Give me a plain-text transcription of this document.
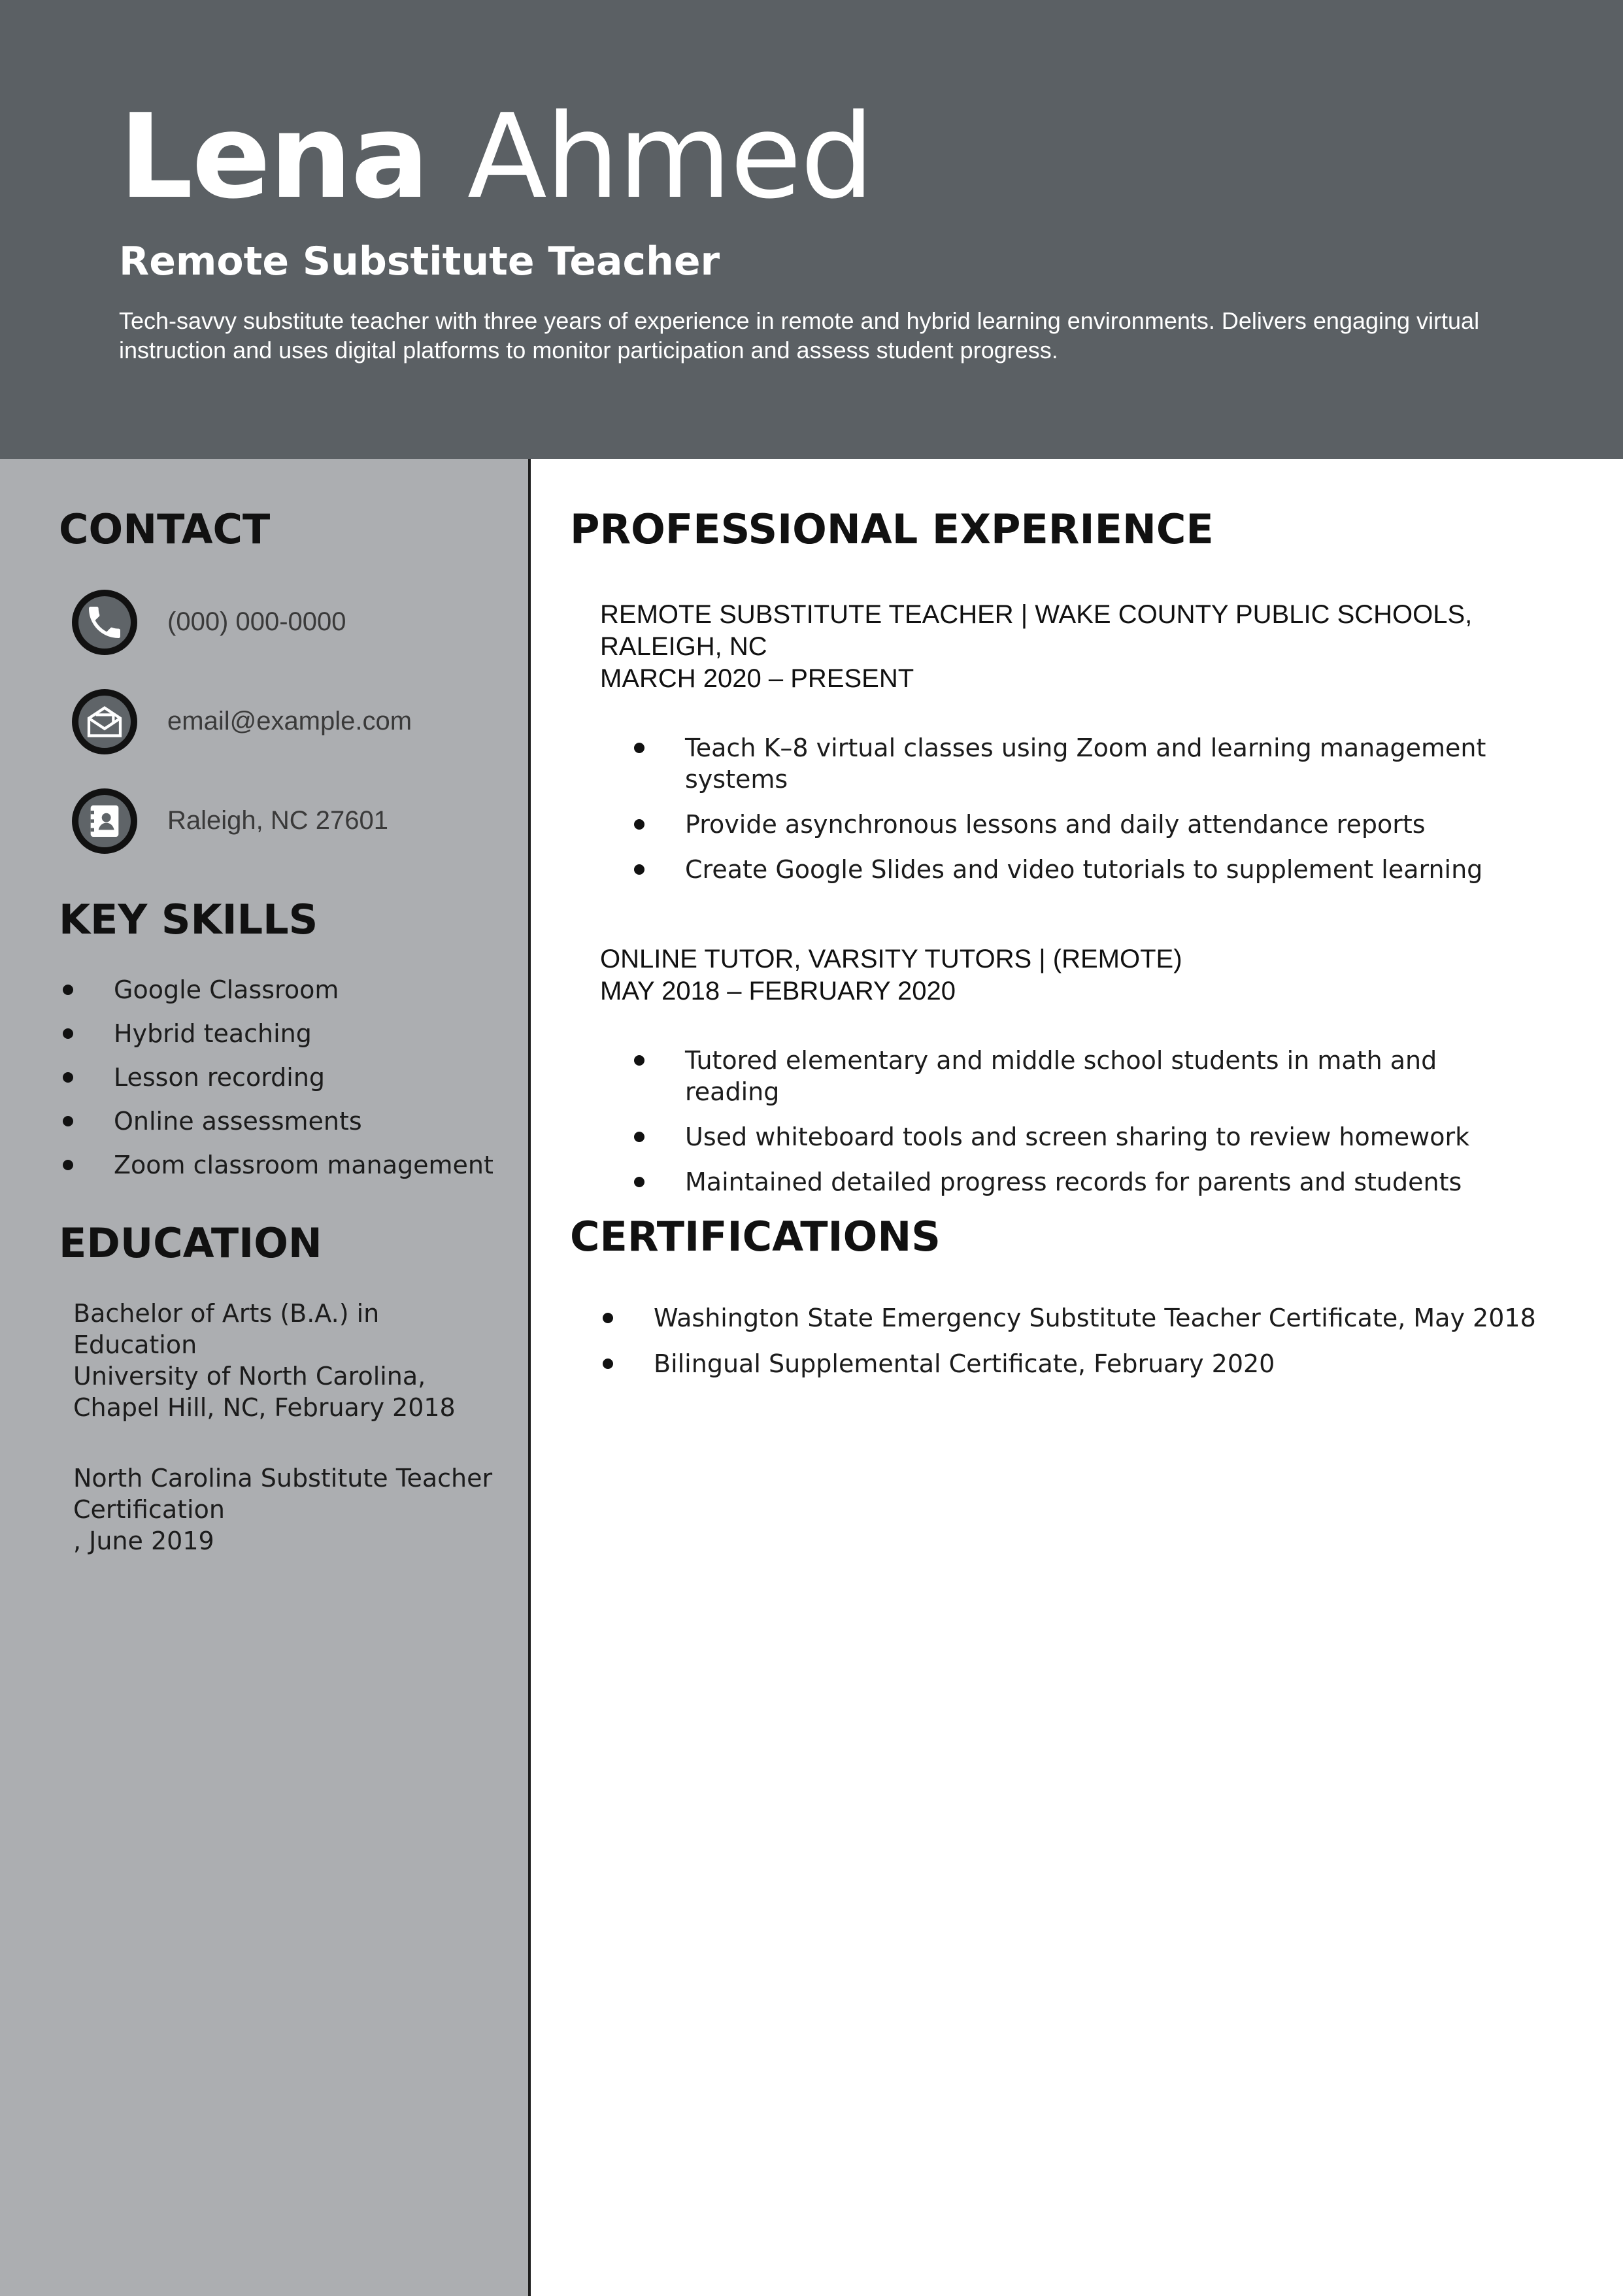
Lena Ahmed
Remote Substitute Teacher

Tech-savvy substitute teacher with three years of experience in remote and hybrid learning environments. Delivers engaging virtual instruction and uses digital platforms to monitor participation and assess student progress.

CONTACT

(000) 000-0000

email@example.com

Raleigh, NC 27601

KEY SKILLS
Google Classroom
Hybrid teaching
Lesson recording
Online assessments
Zoom classroom management
EDUCATION
Bachelor of Arts (B.A.) in
Education
University of North Carolina,
Chapel Hill, NC, February 2018
North Carolina Substitute Teacher
Certification
, June 2019
PROFESSIONAL EXPERIENCE
REMOTE SUBSTITUTE TEACHER | WAKE COUNTY PUBLIC SCHOOLS,
RALEIGH, NC
MARCH 2020 – PRESENT
Teach K–8 virtual classes using Zoom and learning management systems
Provide asynchronous lessons and daily attendance reports
Create Google Slides and video tutorials to supplement learning
ONLINE TUTOR, VARSITY TUTORS | (REMOTE)
MAY 2018 – FEBRUARY 2020
Tutored elementary and middle school students in math and reading
Used whiteboard tools and screen sharing to review homework
Maintained detailed progress records for parents and students
CERTIFICATIONS
Washington State Emergency Substitute Teacher Certificate, May 2018
Bilingual Supplemental Certificate, February 2020
